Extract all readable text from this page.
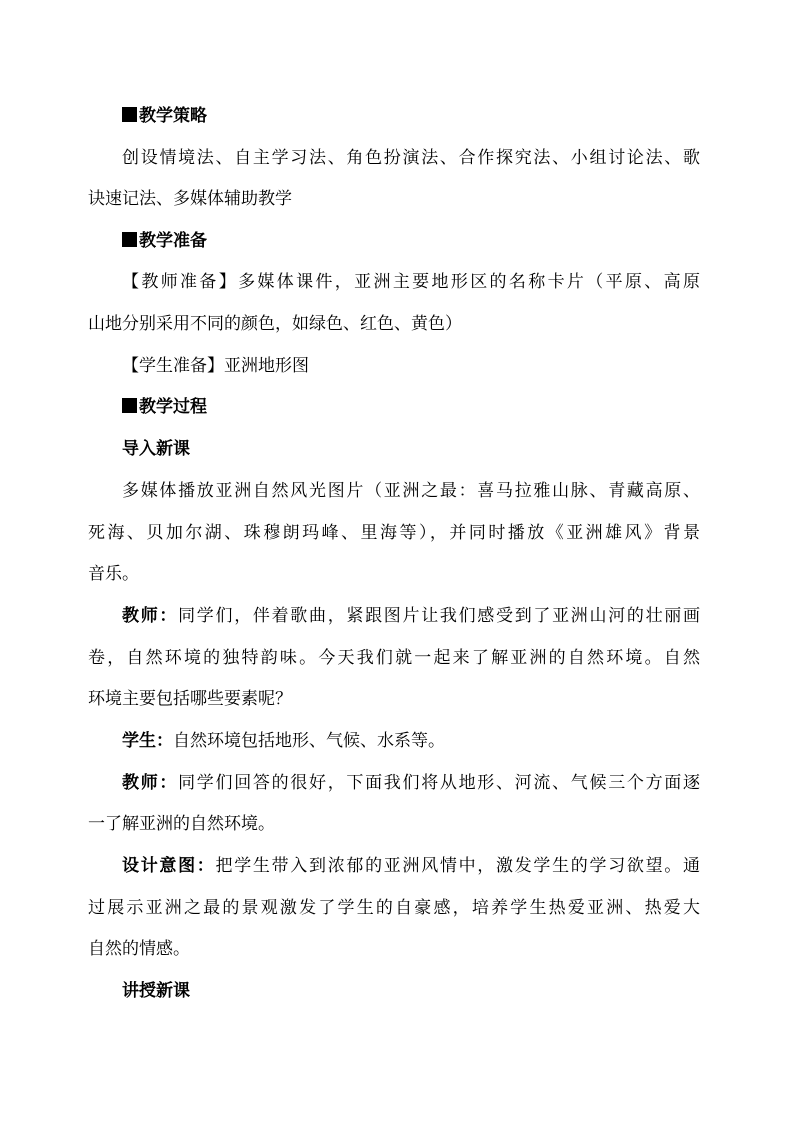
教学策略
创设情境法、自主学习法、角色扮演法、合作探究法、小组讨论法、歌
诀速记法、多媒体辅助教学
教学准备
【教师准备】多媒体课件，亚洲主要地形区的名称卡片（平原、高原
山地分别采用不同的颜色，如绿色、红色、黄色）
【学生准备】亚洲地形图
教学过程
导入新课
多媒体播放亚洲自然风光图片（亚洲之最：喜马拉雅山脉、青藏高原、
死海、贝加尔湖、珠穆朗玛峰、里海等），并同时播放《亚洲雄风》背景
音乐。
教师：同学们，伴着歌曲，紧跟图片让我们感受到了亚洲山河的壮丽画
卷，自然环境的独特韵味。今天我们就一起来了解亚洲的自然环境。自然
环境主要包括哪些要素呢？
学生：自然环境包括地形、气候、水系等。
教师：同学们回答的很好，下面我们将从地形、河流、气候三个方面逐
一了解亚洲的自然环境。
设计意图：把学生带入到浓郁的亚洲风情中，激发学生的学习欲望。通
过展示亚洲之最的景观激发了学生的自豪感，培养学生热爱亚洲、热爱大
自然的情感。
讲授新课
